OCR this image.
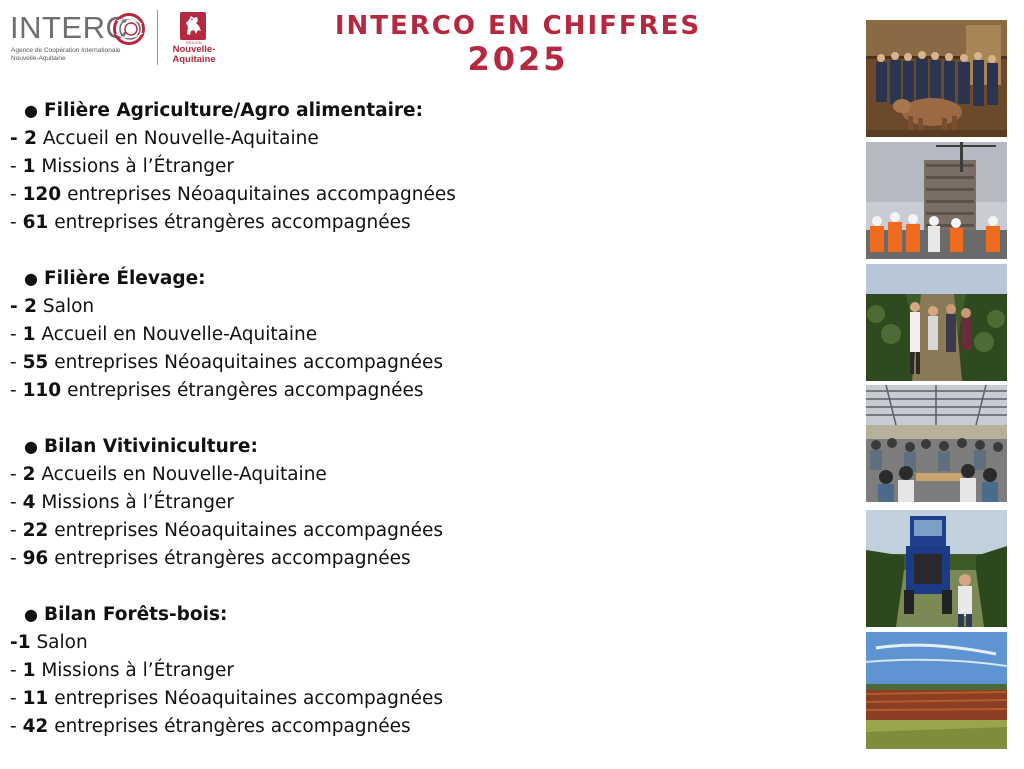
INTERC
Agence de Coopération Internationale
Nouvelle-Aquitaine
RÉGION
Nouvelle-
Aquitaine
INTERCO EN CHIFFRES
2025
● Filière Agriculture/Agro alimentaire:
- 2 Accueil en Nouvelle-Aquitaine
- 1 Missions à l’Étranger
- 120 entreprises Néoaquitaines accompagnées
- 61 entreprises étrangères accompagnées
● Filière Élevage:
- 2 Salon
- 1 Accueil en Nouvelle-Aquitaine
- 55 entreprises Néoaquitaines accompagnées
- 110 entreprises étrangères accompagnées
● Bilan Vitiviniculture:
- 2 Accueils en Nouvelle-Aquitaine
- 4 Missions à l’Étranger
- 22 entreprises Néoaquitaines accompagnées
- 96 entreprises étrangères accompagnées
● Bilan Forêts-bois:
-1 Salon
- 1 Missions à l’Étranger
- 11 entreprises Néoaquitaines accompagnées
- 42 entreprises étrangères accompagnées
